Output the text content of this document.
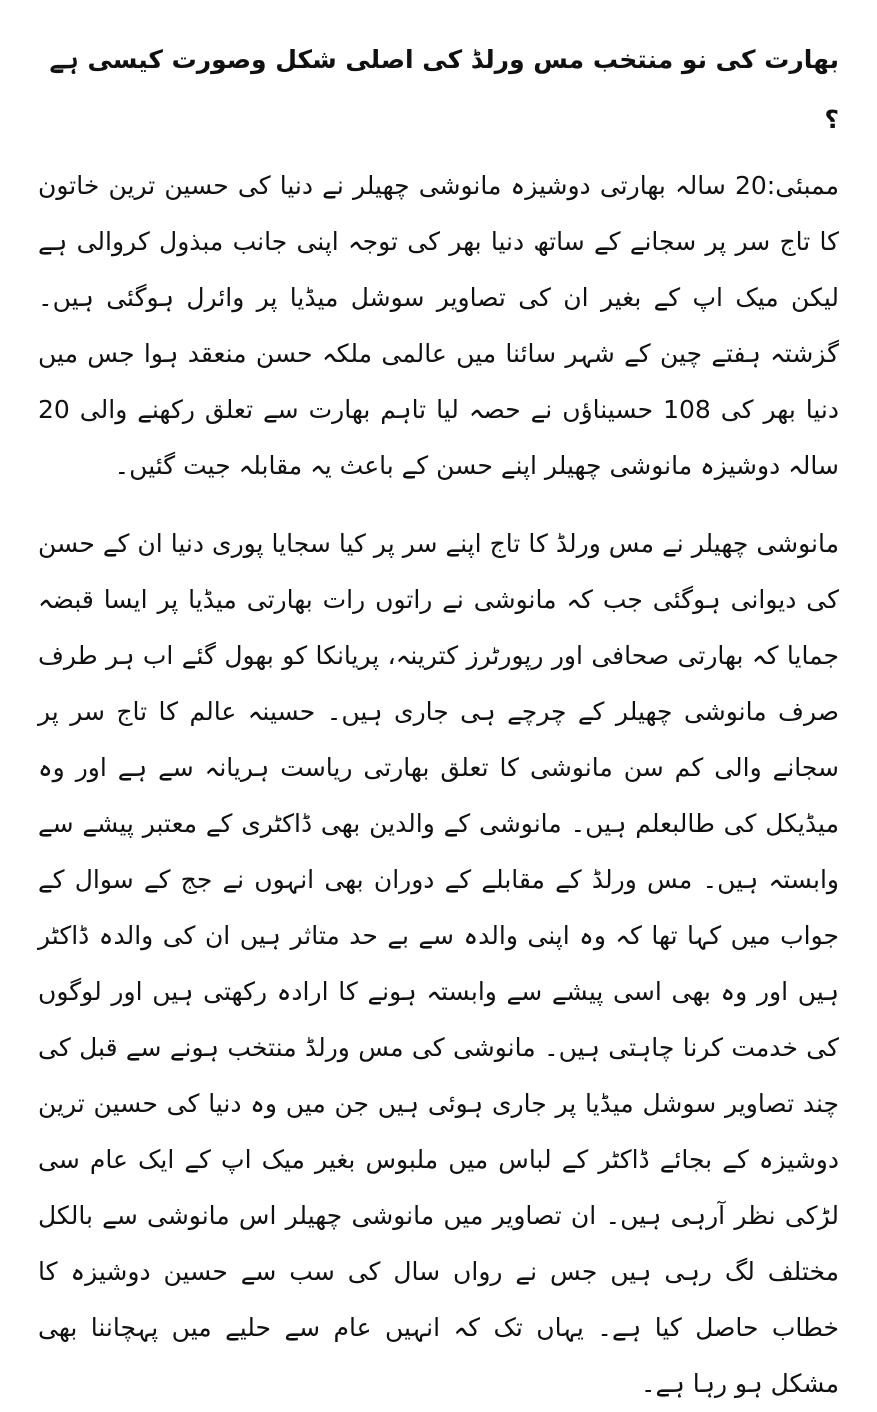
بھارت کی نو منتخب مس ورلڈ کی اصلی شکل وصورت کیسی ہے ؟

ممبئی:20 سالہ بھارتی دوشیزہ مانوشی چھیلر نے دنیا کی حسین ترین خاتون کا تاج سر پر سجانے کے ساتھ دنیا بھر کی توجہ اپنی جانب مبذول کروالی ہے لیکن میک اپ کے بغیر ان کی تصاویر سوشل میڈیا پر وائرل ہوگئی ہیں۔ گزشتہ ہفتے چین کے شہر سائنا میں عالمی ملکہ حسن منعقد ہوا جس میں دنیا بھر کی 108 حسیناؤں نے حصہ لیا تاہم بھارت سے تعلق رکھنے والی 20 سالہ دوشیزہ مانوشی چھیلر اپنے حسن کے باعث یہ مقابلہ جیت گئیں۔

مانوشی چھیلر نے مس ورلڈ کا تاج اپنے سر پر کیا سجایا پوری دنیا ان کے حسن کی دیوانی ہوگئی جب کہ مانوشی نے راتوں رات بھارتی میڈیا پر ایسا قبضہ جمایا کہ بھارتی صحافی اور رپورٹرز کترینہ، پریانکا کو بھول گئے اب ہر طرف صرف مانوشی چھیلر کے چرچے ہی جاری ہیں۔ حسینہ عالم کا تاج سر پر سجانے والی کم سن مانوشی کا تعلق بھارتی ریاست ہریانہ سے ہے اور وہ میڈیکل کی طالبعلم ہیں۔ مانوشی کے والدین بھی ڈاکٹری کے معتبر پیشے سے وابستہ ہیں۔ مس ورلڈ کے مقابلے کے دوران بھی انہوں نے جج کے سوال کے جواب میں کہا تھا کہ وہ اپنی والدہ سے بے حد متاثر ہیں ان کی والدہ ڈاکٹر ہیں اور وہ بھی اسی پیشے سے وابستہ ہونے کا ارادہ رکھتی ہیں اور لوگوں کی خدمت کرنا چاہتی ہیں۔ مانوشی کی مس ورلڈ منتخب ہونے سے قبل کی چند تصاویر سوشل میڈیا پر جاری ہوئی ہیں جن میں وہ دنیا کی حسین ترین دوشیزہ کے بجائے ڈاکٹر کے لباس میں ملبوس بغیر میک اپ کے ایک عام سی لڑکی نظر آرہی ہیں۔ ان تصاویر میں مانوشی چھیلر اس مانوشی سے بالکل مختلف لگ رہی ہیں جس نے رواں سال کی سب سے حسین دوشیزہ کا خطاب حاصل کیا ہے۔ یہاں تک کہ انہیں عام سے حلیے میں پہچاننا بھی مشکل ہو رہا ہے۔
